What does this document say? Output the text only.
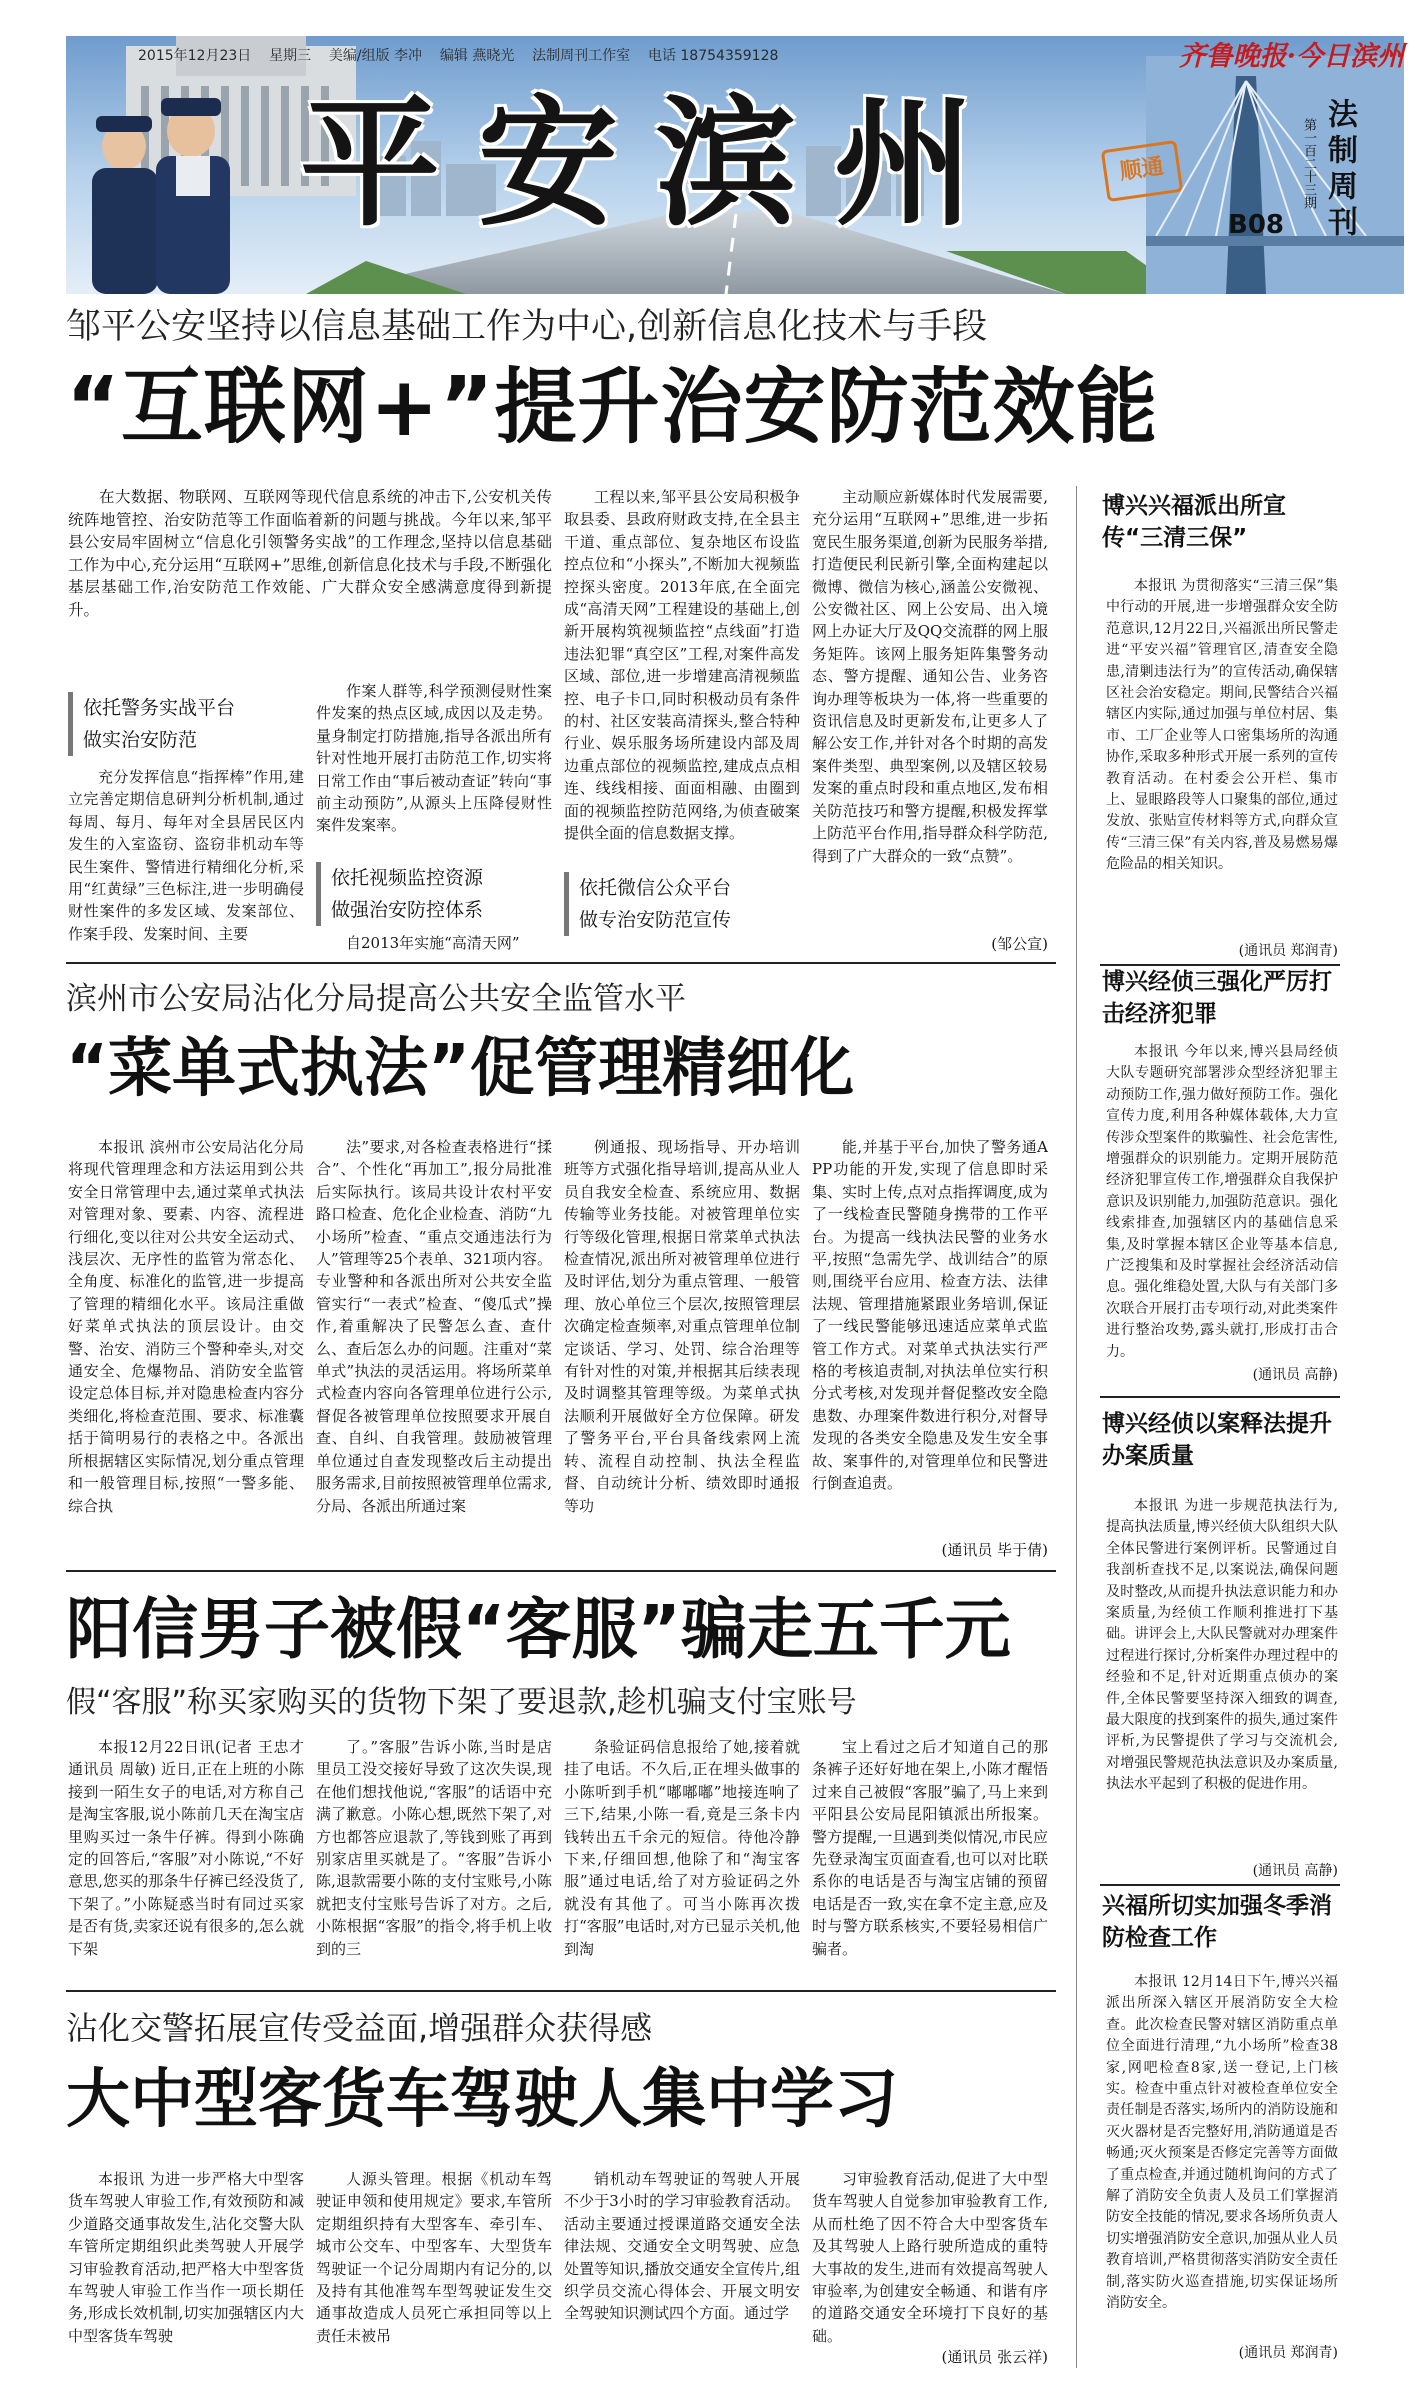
2015年12月23日 星期三 美编/组版 李冲 编辑 燕晓光 法制周刊工作室 电话 18754359128	齐鲁晚报·今日滨州
平安滨州	顺通	法制周刊
第一百二十三期
B08
邹平公安坚持以信息基础工作为中心,创新信息化技术与手段
“互联网+”提升治安防范效能

在大数据、物联网、互联网等现代信息系统的冲击下,公安机关传统阵地管控、治安防范等工作面临着新的问题与挑战。今年以来,邹平县公安局牢固树立“信息化引领警务实战”的工作理念,坚持以信息基础工作为中心,充分运用“互联网+”思维,创新信息化技术与手段,不断强化基层基础工作,治安防范工作效能、广大群众安全感满意度得到新提升。

依托警务实战平台
做实治安防范

充分发挥信息“指挥棒”作用,建立完善定期信息研判分析机制,通过每周、每月、每年对全县居民区内发生的入室盗窃、盗窃非机动车等民生案件、警情进行精细化分析,采用“红黄绿”三色标注,进一步明确侵财性案件的多发区域、发案部位、作案手段、发案时间、主要

作案人群等,科学预测侵财性案件发案的热点区域,成因以及走势。量身制定打防措施,指导各派出所有针对性地开展打击防范工作,切实将日常工作由“事后被动查证”转向“事前主动预防”,从源头上压降侵财性案件发案率。

依托视频监控资源
做强治安防控体系

自2013年实施“高清天网”

工程以来,邹平县公安局积极争取县委、县政府财政支持,在全县主干道、重点部位、复杂地区布设监控点位和“小探头”,不断加大视频监控探头密度。2013年底,在全面完成“高清天网”工程建设的基础上,创新开展构筑视频监控“点线面”打造违法犯罪“真空区”工程,对案件高发区域、部位,进一步增建高清视频监控、电子卡口,同时积极动员有条件的村、社区安装高清探头,整合特种行业、娱乐服务场所建设内部及周边重点部位的视频监控,建成点点相连、线线相接、面面相融、由圈到面的视频监控防范网络,为侦查破案提供全面的信息数据支撑。

依托微信公众平台
做专治安防范宣传

主动顺应新媒体时代发展需要,充分运用“互联网+”思维,进一步拓宽民生服务渠道,创新为民服务举措,打造便民利民新引擎,全面构建起以微博、微信为核心,涵盖公安微视、公安微社区、网上公安局、出入境网上办证大厅及QQ交流群的网上服务矩阵。该网上服务矩阵集警务动态、警方提醒、通知公告、业务咨询办理等板块为一体,将一些重要的资讯信息及时更新发布,让更多人了解公安工作,并针对各个时期的高发案件类型、典型案例,以及辖区较易发案的重点时段和重点地区,发布相关防范技巧和警方提醒,积极发挥掌上防范平台作用,指导群众科学防范,得到了广大群众的一致“点赞”。

(邹公宣)
滨州市公安局沾化分局提高公共安全监管水平
“菜单式执法”促管理精细化

本报讯 滨州市公安局沾化分局将现代管理理念和方法运用到公共安全日常管理中去,通过菜单式执法对管理对象、要素、内容、流程进行细化,变以往对公共安全运动式、浅层次、无序性的监管为常态化、全角度、标准化的监管,进一步提高了管理的精细化水平。该局注重做好菜单式执法的顶层设计。由交警、治安、消防三个警种牵头,对交通安全、危爆物品、消防安全监管设定总体目标,并对隐患检查内容分类细化,将检查范围、要求、标准囊括于简明易行的表格之中。各派出所根据辖区实际情况,划分重点管理和一般管理目标,按照“一警多能、综合执

法”要求,对各检查表格进行“揉合”、个性化“再加工”,报分局批准后实际执行。该局共设计农村平安路口检查、危化企业检查、消防“九小场所”检查、“重点交通违法行为人”管理等25个表单、321项内容。专业警种和各派出所对公共安全监管实行“一表式”检查、“傻瓜式”操作,着重解决了民警怎么查、查什么、查后怎么办的问题。注重对“菜单式”执法的灵活运用。将场所菜单式检查内容向各管理单位进行公示,督促各被管理单位按照要求开展自查、自纠、自我管理。鼓励被管理单位通过自查发现整改后主动提出服务需求,目前按照被管理单位需求,分局、各派出所通过案

例通报、现场指导、开办培训班等方式强化指导培训,提高从业人员自我安全检查、系统应用、数据传输等业务技能。对被管理单位实行等级化管理,根据日常菜单式执法检查情况,派出所对被管理单位进行及时评估,划分为重点管理、一般管理、放心单位三个层次,按照管理层次确定检查频率,对重点管理单位制定谈话、学习、处罚、综合治理等有针对性的对策,并根据其后续表现及时调整其管理等级。为菜单式执法顺利开展做好全方位保障。研发了警务平台,平台具备线索网上流转、流程自动控制、执法全程监督、自动统计分析、绩效即时通报等功

能,并基于平台,加快了警务通APP功能的开发,实现了信息即时采集、实时上传,点对点指挥调度,成为了一线检查民警随身携带的工作平台。为提高一线执法民警的业务水平,按照“急需先学、战训结合”的原则,围绕平台应用、检查方法、法律法规、管理措施紧跟业务培训,保证了一线民警能够迅速适应菜单式监管工作方式。对菜单式执法实行严格的考核追责制,对执法单位实行积分式考核,对发现并督促整改安全隐患数、办理案件数进行积分,对督导发现的各类安全隐患及发生安全事故、案事件的,对管理单位和民警进行倒查追责。

(通讯员 毕于倩)
阳信男子被假“客服”骗走五千元
假“客服”称买家购买的货物下架了要退款,趁机骗支付宝账号

本报12月22日讯(记者 王忠才 通讯员 周敏) 近日,正在上班的小陈接到一陌生女子的电话,对方称自己是淘宝客服,说小陈前几天在淘宝店里购买过一条牛仔裤。得到小陈确定的回答后,“客服”对小陈说,“不好意思,您买的那条牛仔裤已经没货了,下架了。”小陈疑惑当时有同过买家是否有货,卖家还说有很多的,怎么就下架

了。”客服”告诉小陈,当时是店里员工没交接好导致了这次失误,现在他们想找他说,“客服”的话语中充满了歉意。小陈心想,既然下架了,对方也都答应退款了,等钱到账了再到别家店里买就是了。“客服”告诉小陈,退款需要小陈的支付宝账号,小陈就把支付宝账号告诉了对方。之后,小陈根据“客服”的指令,将手机上收到的三

条验证码信息报给了她,接着就挂了电话。不久后,正在埋头做事的小陈听到手机“嘟嘟嘟”地接连响了三下,结果,小陈一看,竟是三条卡内钱转出五千余元的短信。待他冷静下来,仔细回想,他除了和“淘宝客服”通过电话,给了对方验证码之外就没有其他了。可当小陈再次拨打“客服”电话时,对方已显示关机,他到淘

宝上看过之后才知道自己的那条裤子还好好地在架上,小陈才醒悟过来自己被假“客服”骗了,马上来到平阳县公安局昆阳镇派出所报案。警方提醒,一旦遇到类似情况,市民应先登录淘宝页面查看,也可以对比联系你的电话是否与淘宝店铺的预留电话是否一致,实在拿不定主意,应及时与警方联系核实,不要轻易相信广骗者。

沾化交警拓展宣传受益面,增强群众获得感
大中型客货车驾驶人集中学习

本报讯 为进一步严格大中型客货车驾驶人审验工作,有效预防和减少道路交通事故发生,沾化交警大队车管所定期组织此类驾驶人开展学习审验教育活动,把严格大中型客货车驾驶人审验工作当作一项长期任务,形成长效机制,切实加强辖区内大中型客货车驾驶

人源头管理。根据《机动车驾驶证申领和使用规定》要求,车管所定期组织持有大型客车、牵引车、城市公交车、中型客车、大型货车驾驶证一个记分周期内有记分的,以及持有其他准驾车型驾驶证发生交通事故造成人员死亡承担同等以上责任未被吊

销机动车驾驶证的驾驶人开展不少于3小时的学习审验教育活动。活动主要通过授课道路交通安全法律法规、交通安全文明驾驶、应急处置等知识,播放交通安全宣传片,组织学员交流心得体会、开展文明安全驾驶知识测试四个方面。通过学

习审验教育活动,促进了大中型货车驾驶人自觉参加审验教育工作,从而杜绝了因不符合大中型客货车及其驾驶人上路行驶所造成的重特大事故的发生,进而有效提高驾驶人审验率,为创建安全畅通、和谐有序的道路交通安全环境打下良好的基础。

(通讯员 张云祥)
博兴兴福派出所宣传“三清三保”

本报讯 为贯彻落实“三清三保”集中行动的开展,进一步增强群众安全防范意识,12月22日,兴福派出所民警走进“平安兴福”管理官区,清查安全隐患,清剿违法行为”的宣传活动,确保辖区社会治安稳定。期间,民警结合兴福辖区内实际,通过加强与单位村居、集市、工厂企业等人口密集场所的沟通协作,采取多种形式开展一系列的宣传教育活动。在村委会公开栏、集市上、显眼路段等人口聚集的部位,通过发放、张贴宣传材料等方式,向群众宣传“三清三保”有关内容,普及易燃易爆危险品的相关知识。

(通讯员 郑润青)
博兴经侦三强化严厉打击经济犯罪

本报讯 今年以来,博兴县局经侦大队专题研究部署涉众型经济犯罪主动预防工作,强力做好预防工作。强化宣传力度,利用各种媒体载体,大力宣传涉众型案件的欺骗性、社会危害性,增强群众的识别能力。定期开展防范经济犯罪宣传工作,增强群众自我保护意识及识别能力,加强防范意识。强化线索排查,加强辖区内的基础信息采集,及时掌握本辖区企业等基本信息,广泛搜集和及时掌握社会经济活动信息。强化维稳处置,大队与有关部门多次联合开展打击专项行动,对此类案件进行整治攻势,露头就打,形成打击合力。

(通讯员 高静)
博兴经侦以案释法提升办案质量

本报讯 为进一步规范执法行为,提高执法质量,博兴经侦大队组织大队全体民警进行案例评析。民警通过自我剖析查找不足,以案说法,确保问题及时整改,从而提升执法意识能力和办案质量,为经侦工作顺利推进打下基础。讲评会上,大队民警就对办理案件过程进行探讨,分析案件办理过程中的经验和不足,针对近期重点侦办的案件,全体民警要坚持深入细致的调查,最大限度的找到案件的损失,通过案件评析,为民警提供了学习与交流机会,对增强民警规范执法意识及办案质量,执法水平起到了积极的促进作用。

(通讯员 高静)
兴福所切实加强冬季消防检查工作

本报讯 12月14日下午,博兴兴福派出所深入辖区开展消防安全大检查。此次检查民警对辖区消防重点单位全面进行清理,“九小场所”检查38家,网吧检查8家,送一登记,上门核实。检查中重点针对被检查单位安全责任制是否落实,场所内的消防设施和灭火器材是否完整好用,消防通道是否畅通;灭火预案是否修定完善等方面做了重点检查,并通过随机询问的方式了解了消防安全负责人及员工们掌握消防安全技能的情况,要求各场所负责人切实增强消防安全意识,加强从业人员教育培训,严格贯彻落实消防安全责任制,落实防火巡查措施,切实保证场所消防安全。

(通讯员 郑润青)
